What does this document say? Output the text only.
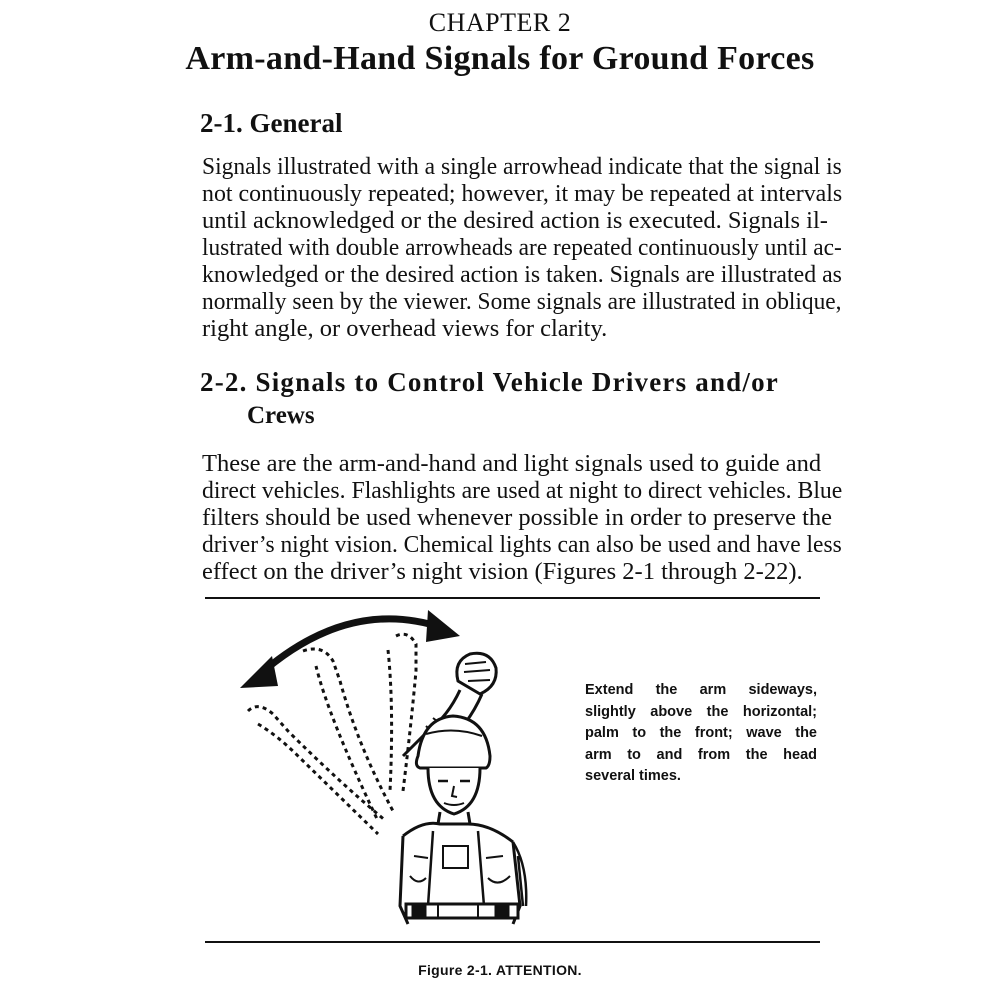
CHAPTER 2
Arm-and-Hand Signals for Ground Forces
2-1. General

Signals illustrated with a single arrowhead indicate that the signal is
not continuously repeated; however, it may be repeated at intervals
until acknowledged or the desired action is executed. Signals il-
lustrated with double arrowheads are repeated continuously until ac-
knowledged or the desired action is taken. Signals are illustrated as
normally seen by the viewer. Some signals are illustrated in oblique,
right angle, or overhead views for clarity.

2-2. Signals to Control Vehicle Drivers and/or
Crews

These are the arm-and-hand and light signals used to guide and
direct vehicles. Flashlights are used at night to direct vehicles. Blue
filters should be used whenever possible in order to preserve the
driver’s night vision. Chemical lights can also be used and have less
effect on the driver’s night vision (Figures 2-1 through 2-22).

Extend the arm sideways,
slightly above the horizontal;
palm to the front; wave the
arm to and from the head
several times.

Figure 2-1. ATTENTION.
